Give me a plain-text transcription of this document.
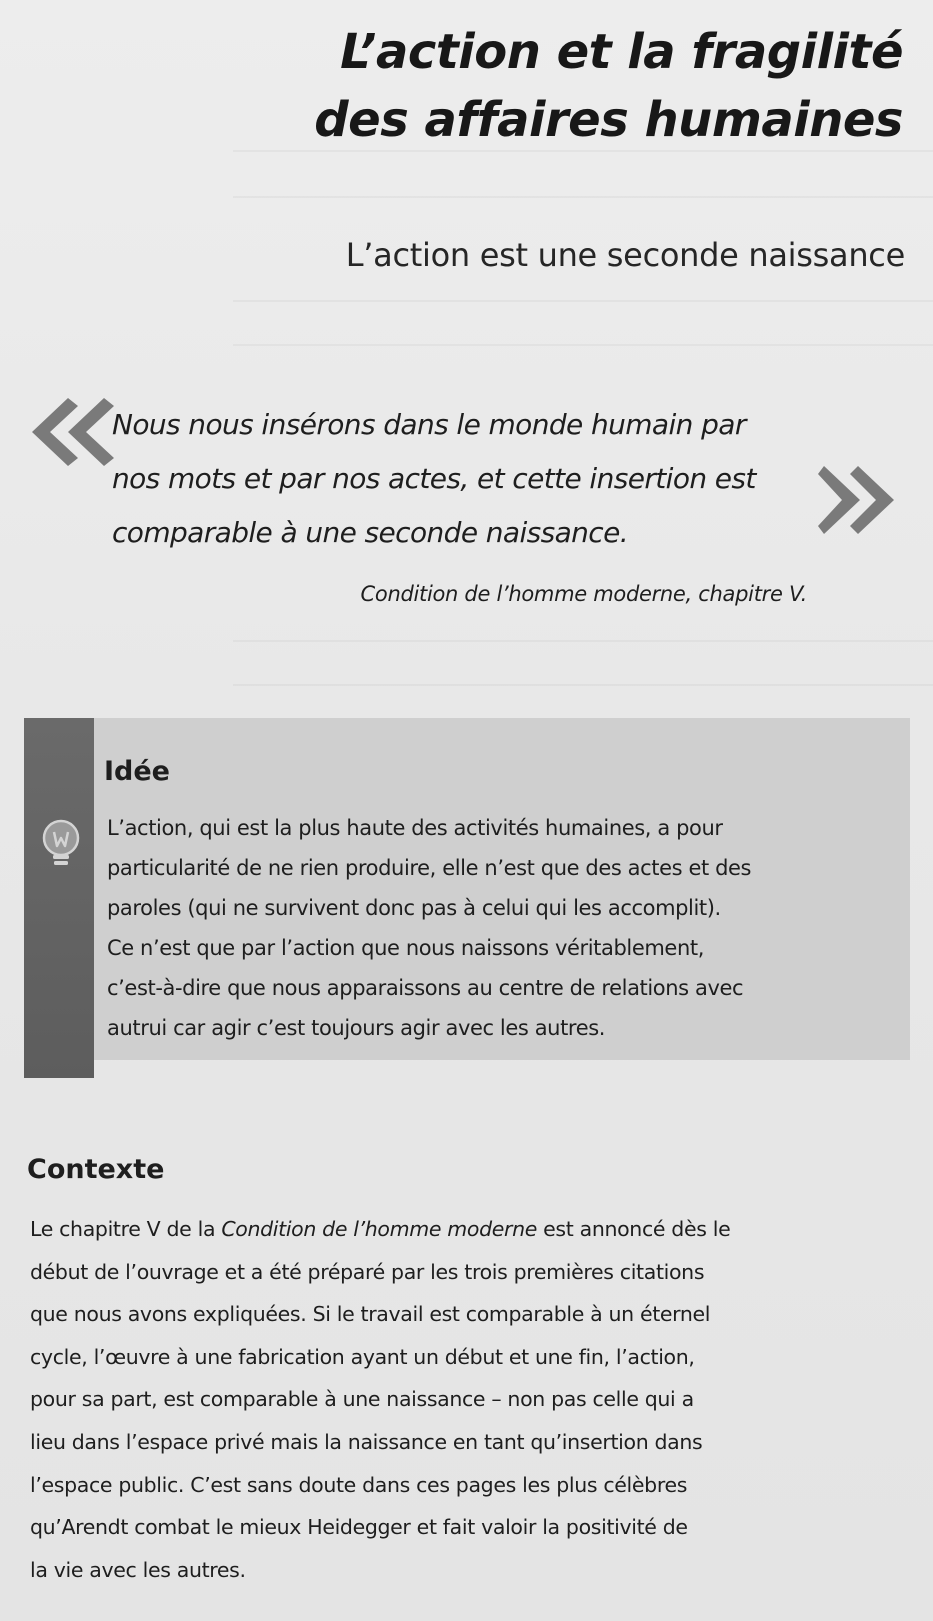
L’action et la fragilité
des affaires humaines
L’action est une seconde naissance
Nous nous insérons dans le monde humain par
nos mots et par nos actes, et cette insertion est
comparable à une seconde naissance.
Condition de l’homme moderne, chapitre V.
Idée
L’action, qui est la plus haute des activités humaines, a pour
particularité de ne rien produire, elle n’est que des actes et des
paroles (qui ne survivent donc pas à celui qui les accomplit).
Ce n’est que par l’action que nous naissons véritablement,
c’est-à-dire que nous apparaissons au centre de relations avec
autrui car agir c’est toujours agir avec les autres.
Contexte
Le chapitre V de la Condition de l’homme moderne est annoncé dès le
début de l’ouvrage et a été préparé par les trois premières citations
que nous avons expliquées. Si le travail est comparable à un éternel
cycle, l’œuvre à une fabrication ayant un début et une fin, l’action,
pour sa part, est comparable à une naissance – non pas celle qui a
lieu dans l’espace privé mais la naissance en tant qu’insertion dans
l’espace public. C’est sans doute dans ces pages les plus célèbres
qu’Arendt combat le mieux Heidegger et fait valoir la positivité de
la vie avec les autres.
